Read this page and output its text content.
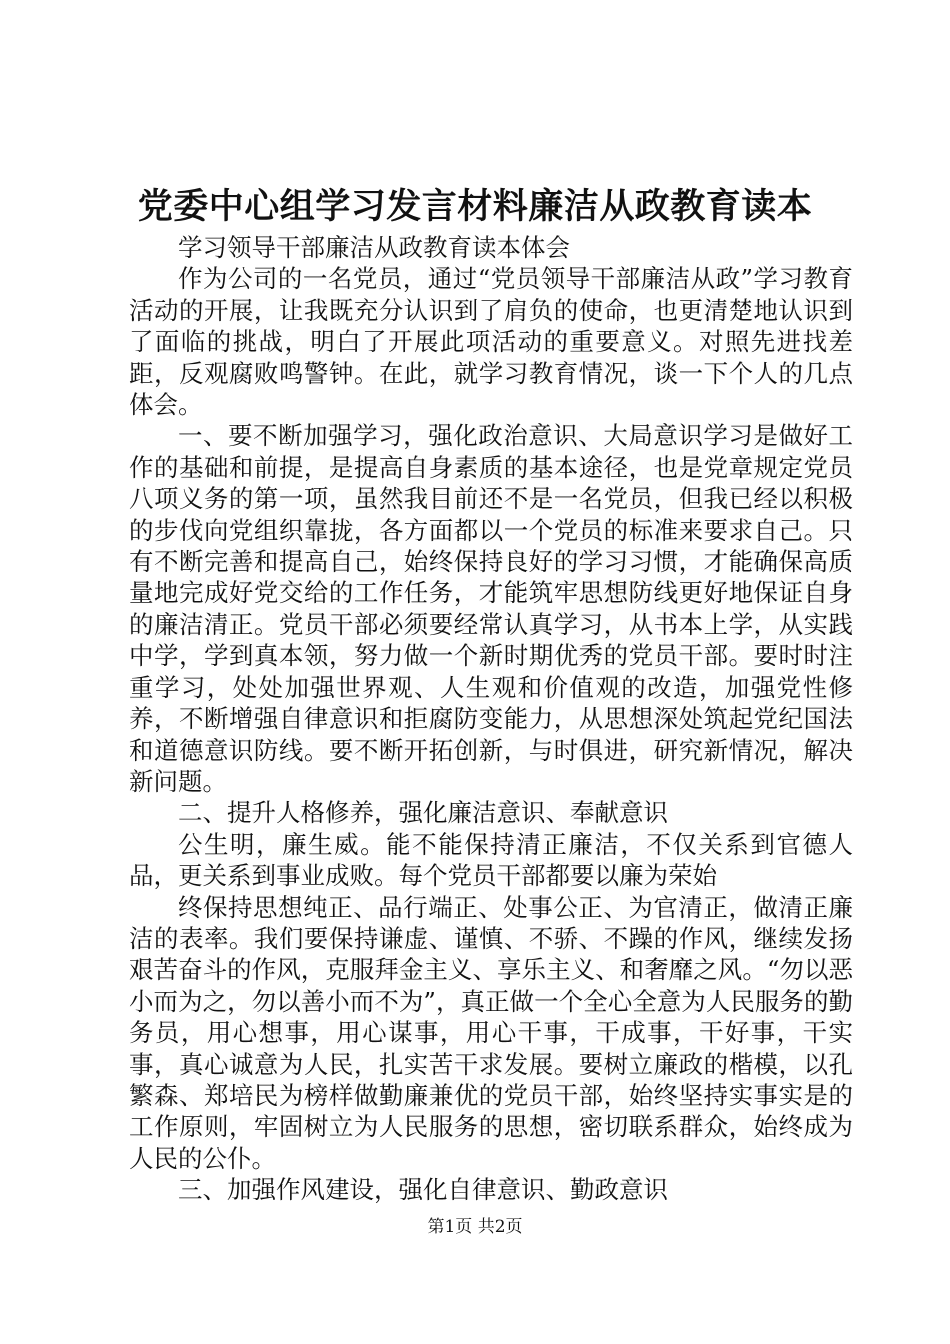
党委中心组学习发言材料廉洁从政教育读本

学习领导干部廉洁从政教育读本体会

作为公司的一名党员，通过“党员领导干部廉洁从政”学习教育活动的开展，让我既充分认识到了肩负的使命，也更清楚地认识到了面临的挑战，明白了开展此项活动的重要意义。对照先进找差距，反观腐败鸣警钟。在此，就学习教育情况，谈一下个人的几点体会。

一、要不断加强学习，强化政治意识、大局意识学习是做好工作的基础和前提，是提高自身素质的基本途径，也是党章规定党员八项义务的第一项，虽然我目前还不是一名党员，但我已经以积极的步伐向党组织靠拢，各方面都以一个党员的标准来要求自己。只有不断完善和提高自己，始终保持良好的学习习惯，才能确保高质量地完成好党交给的工作任务，才能筑牢思想防线更好地保证自身的廉洁清正。党员干部必须要经常认真学习，从书本上学，从实践中学，学到真本领，努力做一个新时期优秀的党员干部。要时时注重学习，处处加强世界观、人生观和价值观的改造，加强党性修养，不断增强自律意识和拒腐防变能力，从思想深处筑起党纪国法和道德意识防线。要不断开拓创新，与时俱进，研究新情况，解决新问题。

二、提升人格修养，强化廉洁意识、奉献意识

公生明，廉生威。能不能保持清正廉洁，不仅关系到官德人品，更关系到事业成败。每个党员干部都要以廉为荣始

终保持思想纯正、品行端正、处事公正、为官清正，做清正廉洁的表率。我们要保持谦虚、谨慎、不骄、不躁的作风，继续发扬艰苦奋斗的作风，克服拜金主义、享乐主义、和奢靡之风。“勿以恶小而为之，勿以善小而不为”，真正做一个全心全意为人民服务的勤务员，用心想事，用心谋事，用心干事，干成事，干好事，干实事，真心诚意为人民，扎实苦干求发展。要树立廉政的楷模，以孔繁森、郑培民为榜样做勤廉兼优的党员干部，始终坚持实事实是的工作原则，牢固树立为人民服务的思想，密切联系群众，始终成为人民的公仆。

三、加强作风建设，强化自律意识、勤政意识

第1页 共2页
